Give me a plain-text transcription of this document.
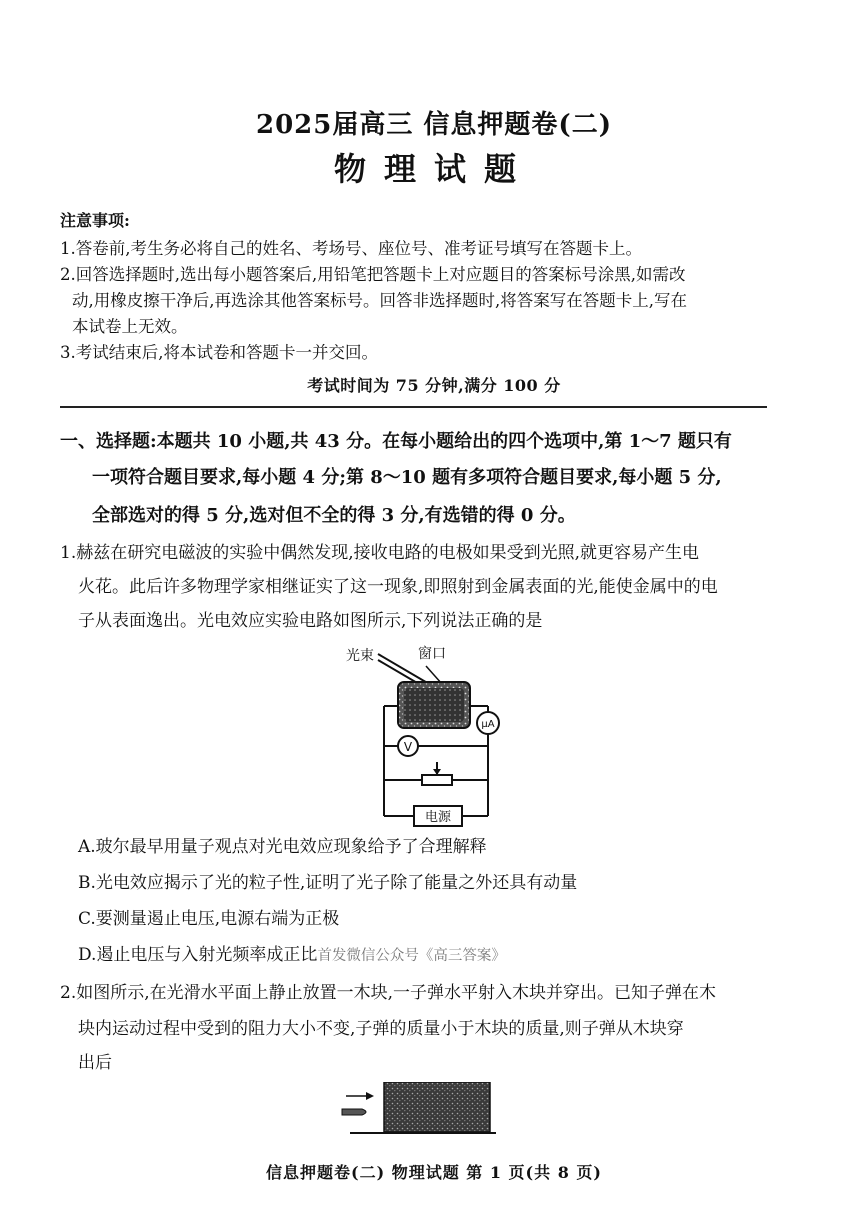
2025届高三 信息押题卷(二)
物理试题
注意事项:
1.答卷前,考生务必将自己的姓名、考场号、座位号、准考证号填写在答题卡上。
2.回答选择题时,选出每小题答案后,用铅笔把答题卡上对应题目的答案标号涂黑,如需改
动,用橡皮擦干净后,再选涂其他答案标号。回答非选择题时,将答案写在答题卡上,写在
本试卷上无效。
3.考试结束后,将本试卷和答题卡一并交回。
考试时间为 75 分钟,满分 100 分
一、选择题:本题共 10 小题,共 43 分。在每小题给出的四个选项中,第 1～7 题只有
一项符合题目要求,每小题 4 分;第 8～10 题有多项符合题目要求,每小题 5 分,
全部选对的得 5 分,选对但不全的得 3 分,有选错的得 0 分。
1.赫兹在研究电磁波的实验中偶然发现,接收电路的电极如果受到光照,就更容易产生电
火花。此后许多物理学家相继证实了这一现象,即照射到金属表面的光,能使金属中的电
子从表面逸出。光电效应实验电路如图所示,下列说法正确的是
光束	窗口
μA
V
电源
A.玻尔最早用量子观点对光电效应现象给予了合理解释
B.光电效应揭示了光的粒子性,证明了光子除了能量之外还具有动量
C.要测量遏止电压,电源右端为正极
D.遏止电压与入射光频率成正比首发微信公众号《高三答案》
2.如图所示,在光滑水平面上静止放置一木块,一子弹水平射入木块并穿出。已知子弹在木
块内运动过程中受到的阻力大小不变,子弹的质量小于木块的质量,则子弹从木块穿
出后
信息押题卷(二) 物理试题 第 1 页(共 8 页)
